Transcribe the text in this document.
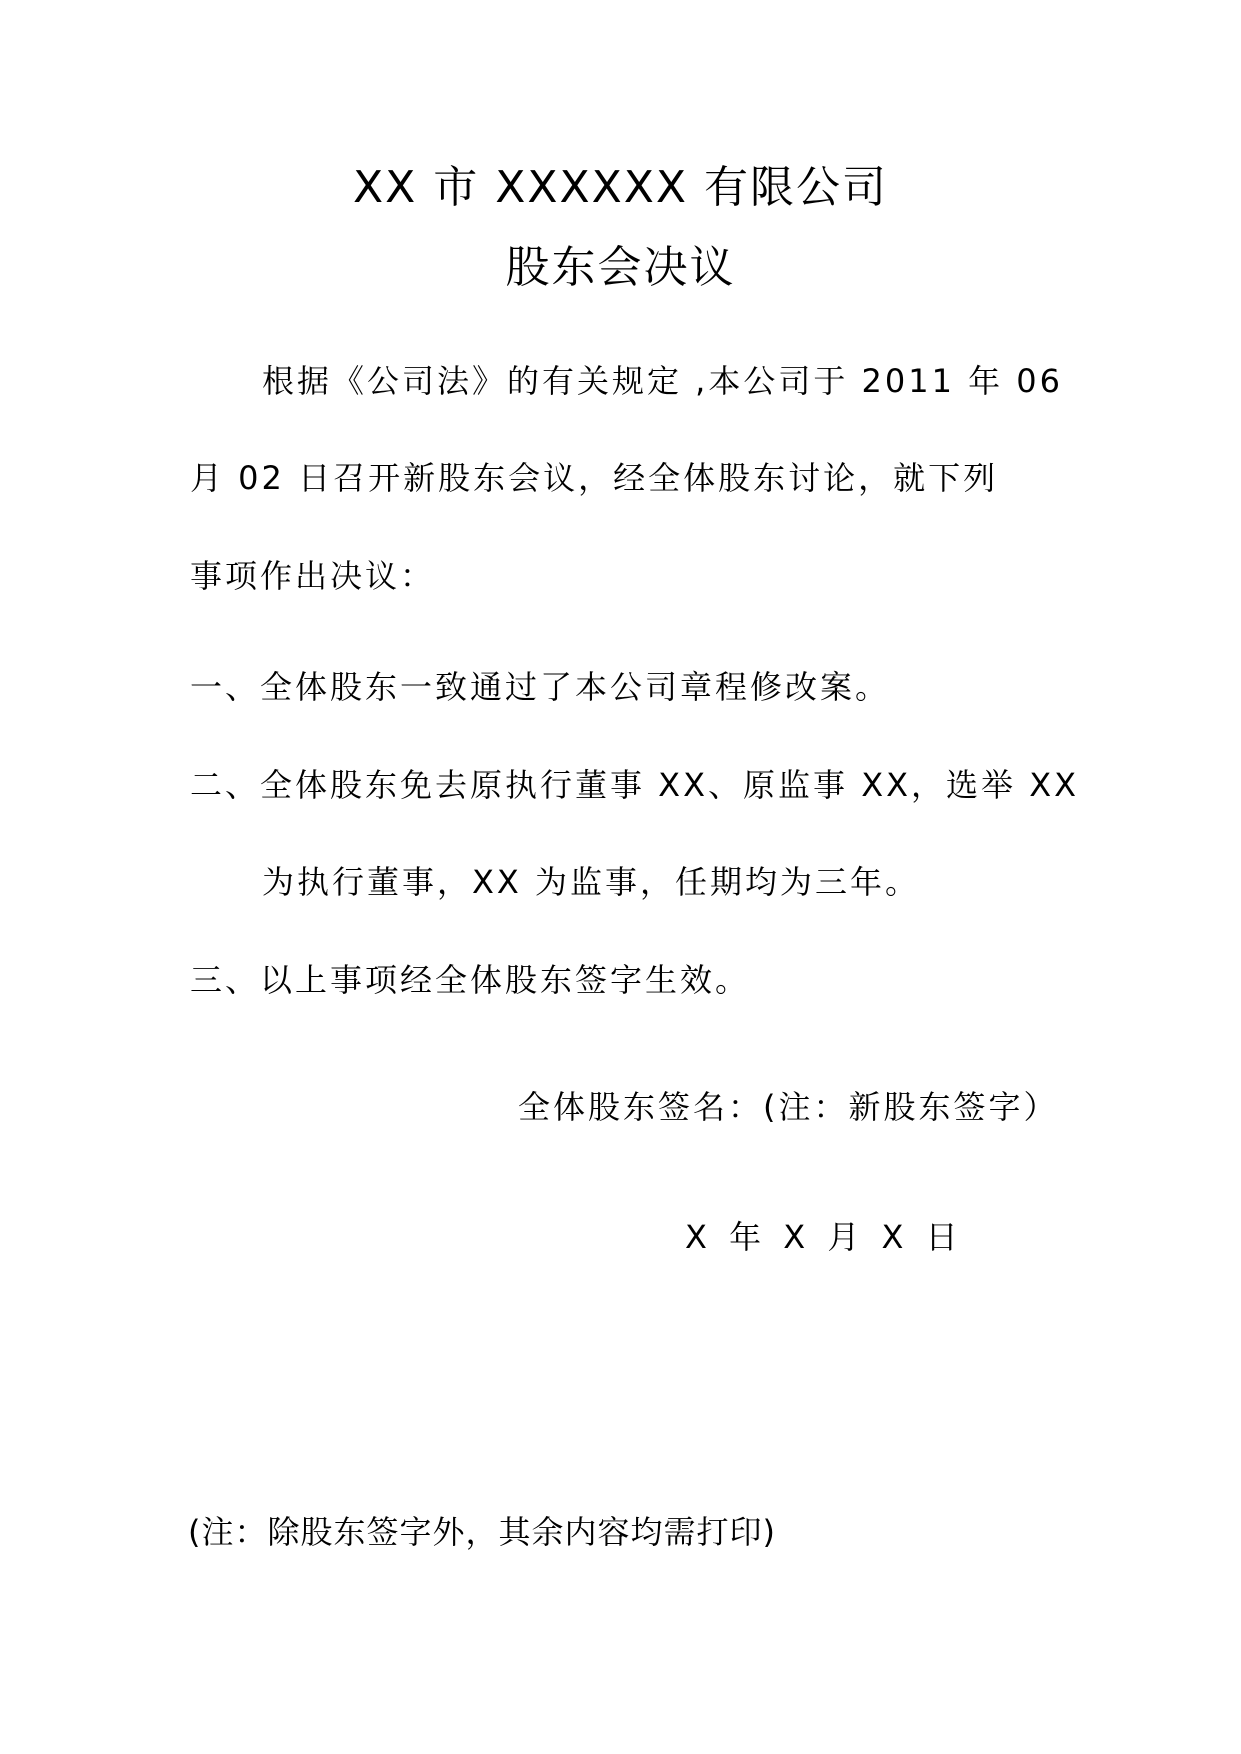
XX 市 XXXXXX 有限公司
股东会决议
根据《公司法》的有关规定 ,本公司于 2011 年 06
月 02 日召开新股东会议，经全体股东讨论，就下列
事项作出决议：
一、全体股东一致通过了本公司章程修改案。
二、全体股东免去原执行董事 XX、原监事 XX，选举 XX
为执行董事，XX 为监事，任期均为三年。
三、以上事项经全体股东签字生效。
全体股东签名：(注：新股东签字）
X 年 X 月 X 日
(注：除股东签字外，其余内容均需打印)
